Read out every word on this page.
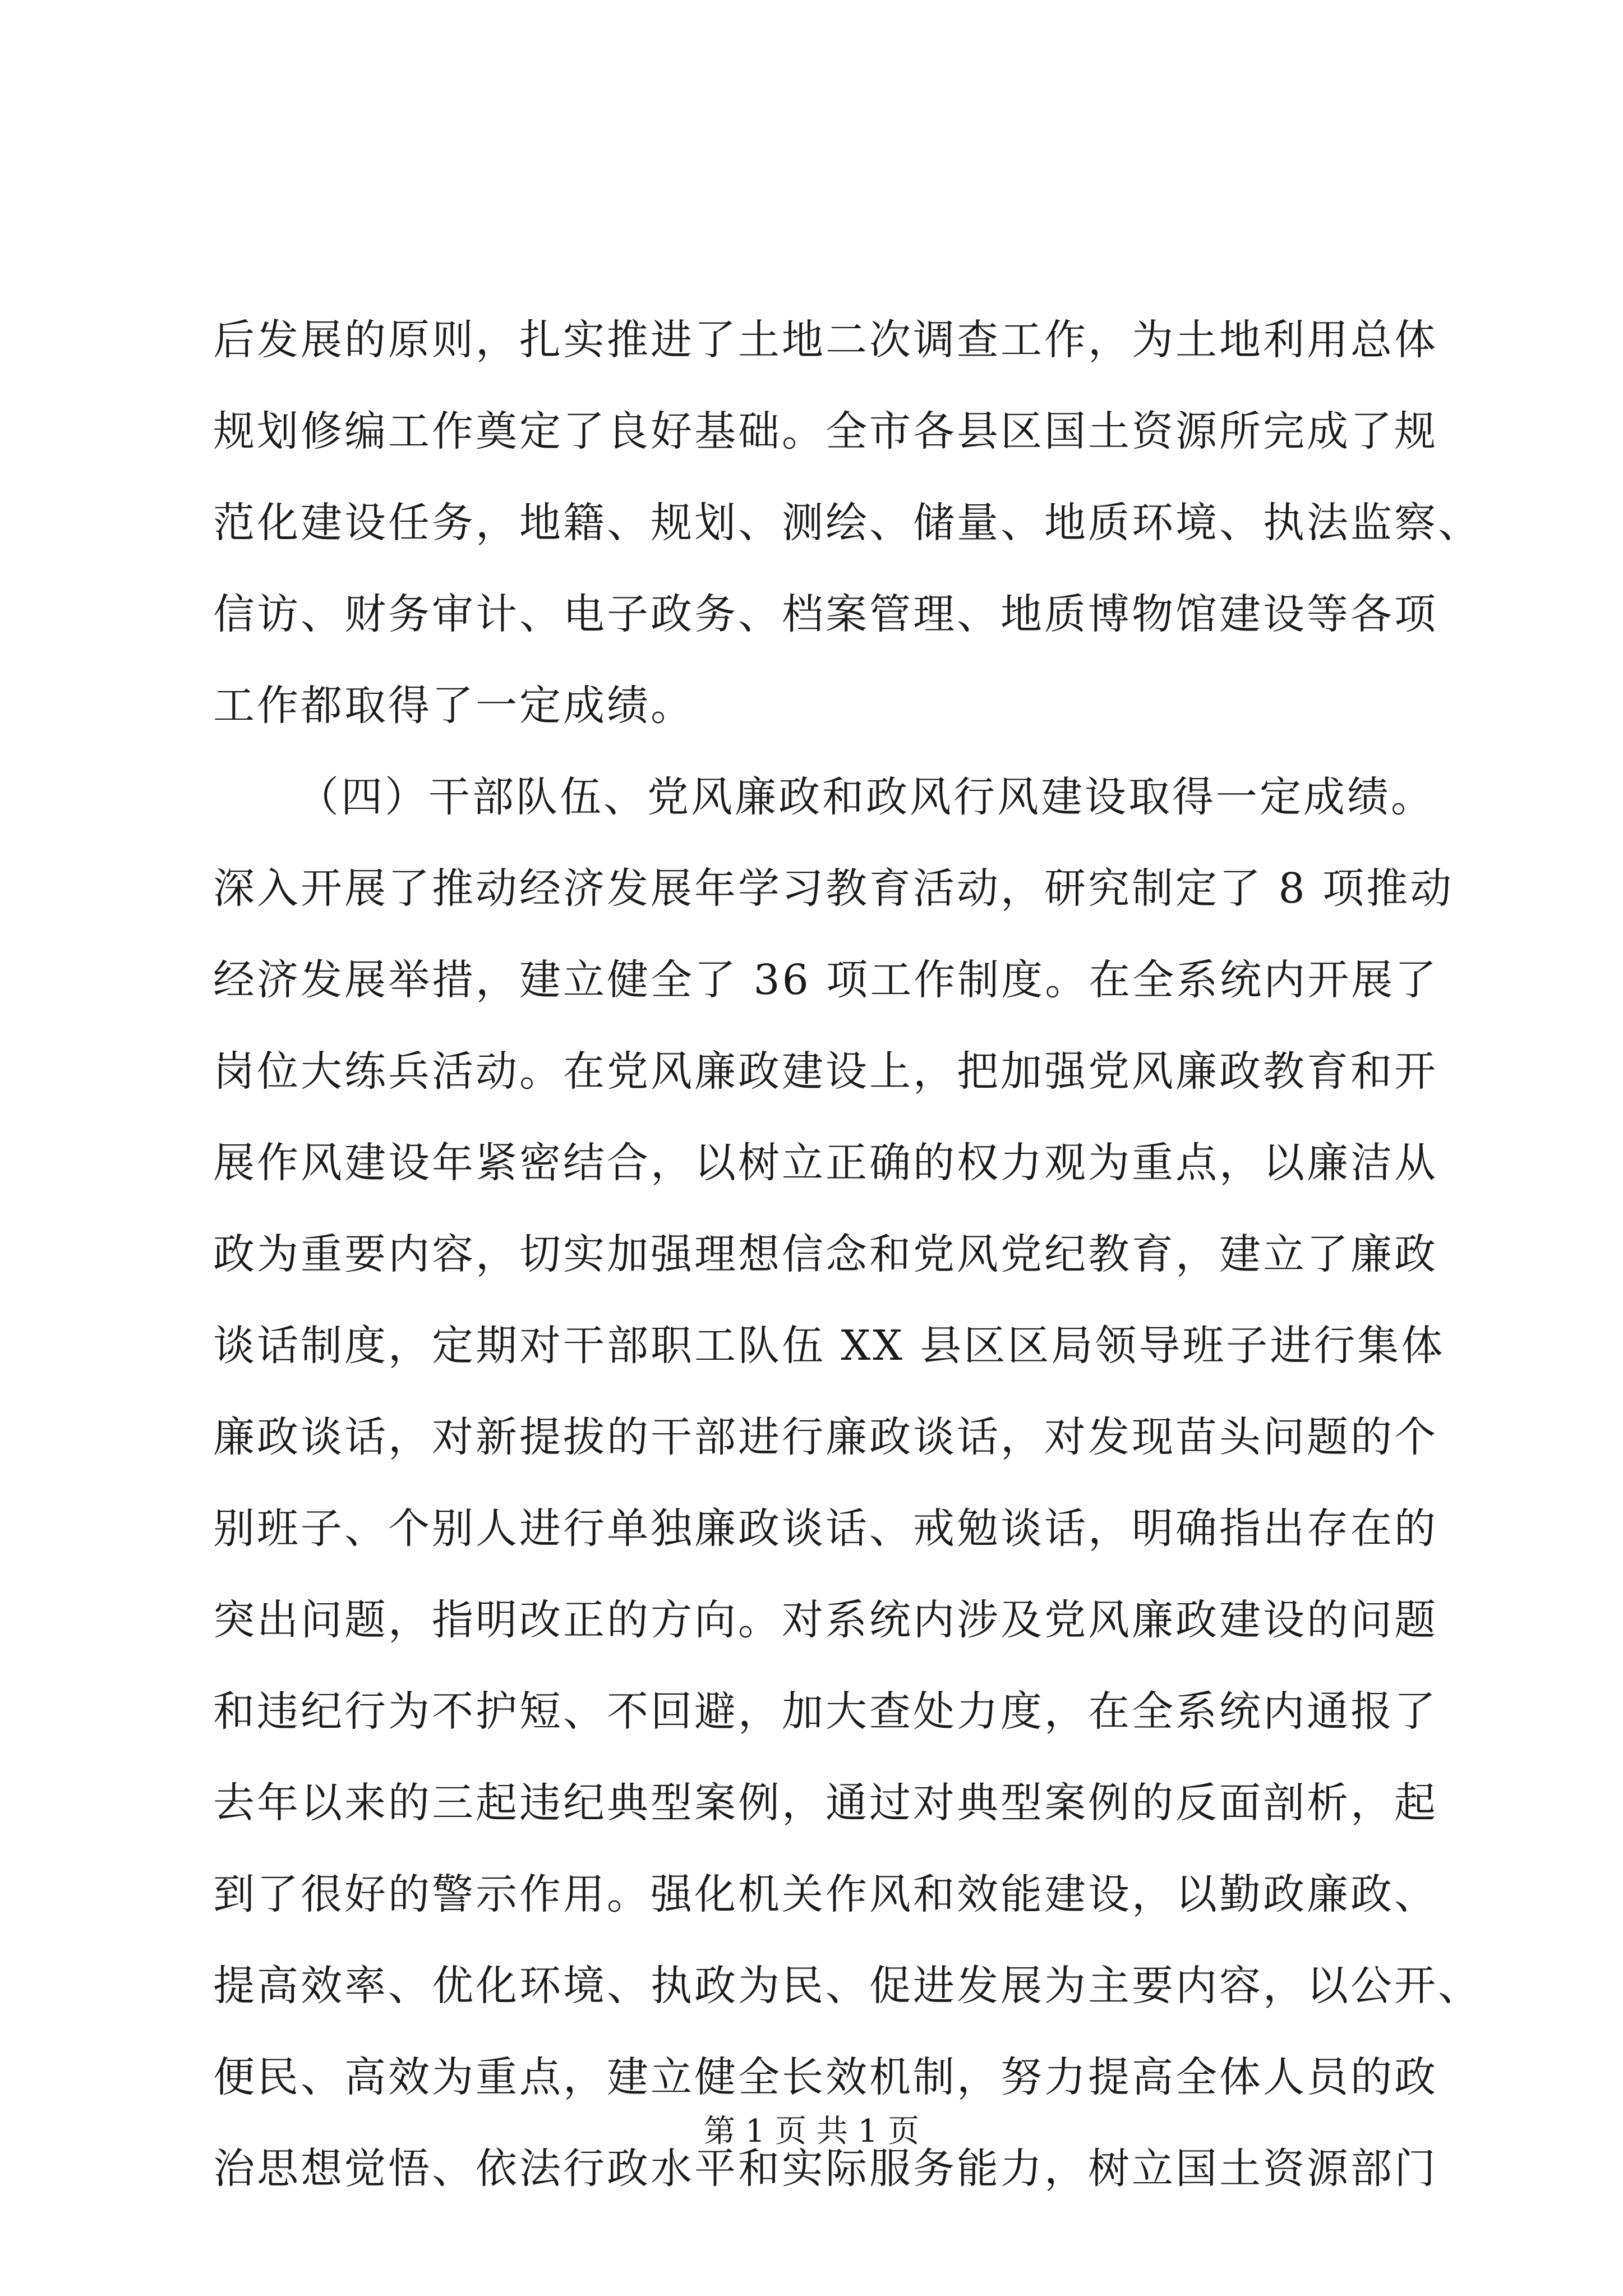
后发展的原则，扎实推进了土地二次调查工作，为土地利用总体
规划修编工作奠定了良好基础。全市各县区国土资源所完成了规
范化建设任务，地籍、规划、测绘、储量、地质环境、执法监察、
信访、财务审计、电子政务、档案管理、地质博物馆建设等各项
工作都取得了一定成绩。
（四）干部队伍、党风廉政和政风行风建设取得一定成绩。
深入开展了推动经济发展年学习教育活动，研究制定了 8 项推动
经济发展举措，建立健全了 36 项工作制度。在全系统内开展了
岗位大练兵活动。在党风廉政建设上，把加强党风廉政教育和开
展作风建设年紧密结合，以树立正确的权力观为重点，以廉洁从
政为重要内容，切实加强理想信念和党风党纪教育，建立了廉政
谈话制度，定期对干部职工队伍 XX 县区区局领导班子进行集体
廉政谈话，对新提拔的干部进行廉政谈话，对发现苗头问题的个
别班子、个别人进行单独廉政谈话、戒勉谈话，明确指出存在的
突出问题，指明改正的方向。对系统内涉及党风廉政建设的问题
和违纪行为不护短、不回避，加大查处力度，在全系统内通报了
去年以来的三起违纪典型案例，通过对典型案例的反面剖析，起
到了很好的警示作用。强化机关作风和效能建设，以勤政廉政、
提高效率、优化环境、执政为民、促进发展为主要内容，以公开、
便民、高效为重点，建立健全长效机制，努力提高全体人员的政
治思想觉悟、依法行政水平和实际服务能力，树立国土资源部门
第 1 页 共 1 页
